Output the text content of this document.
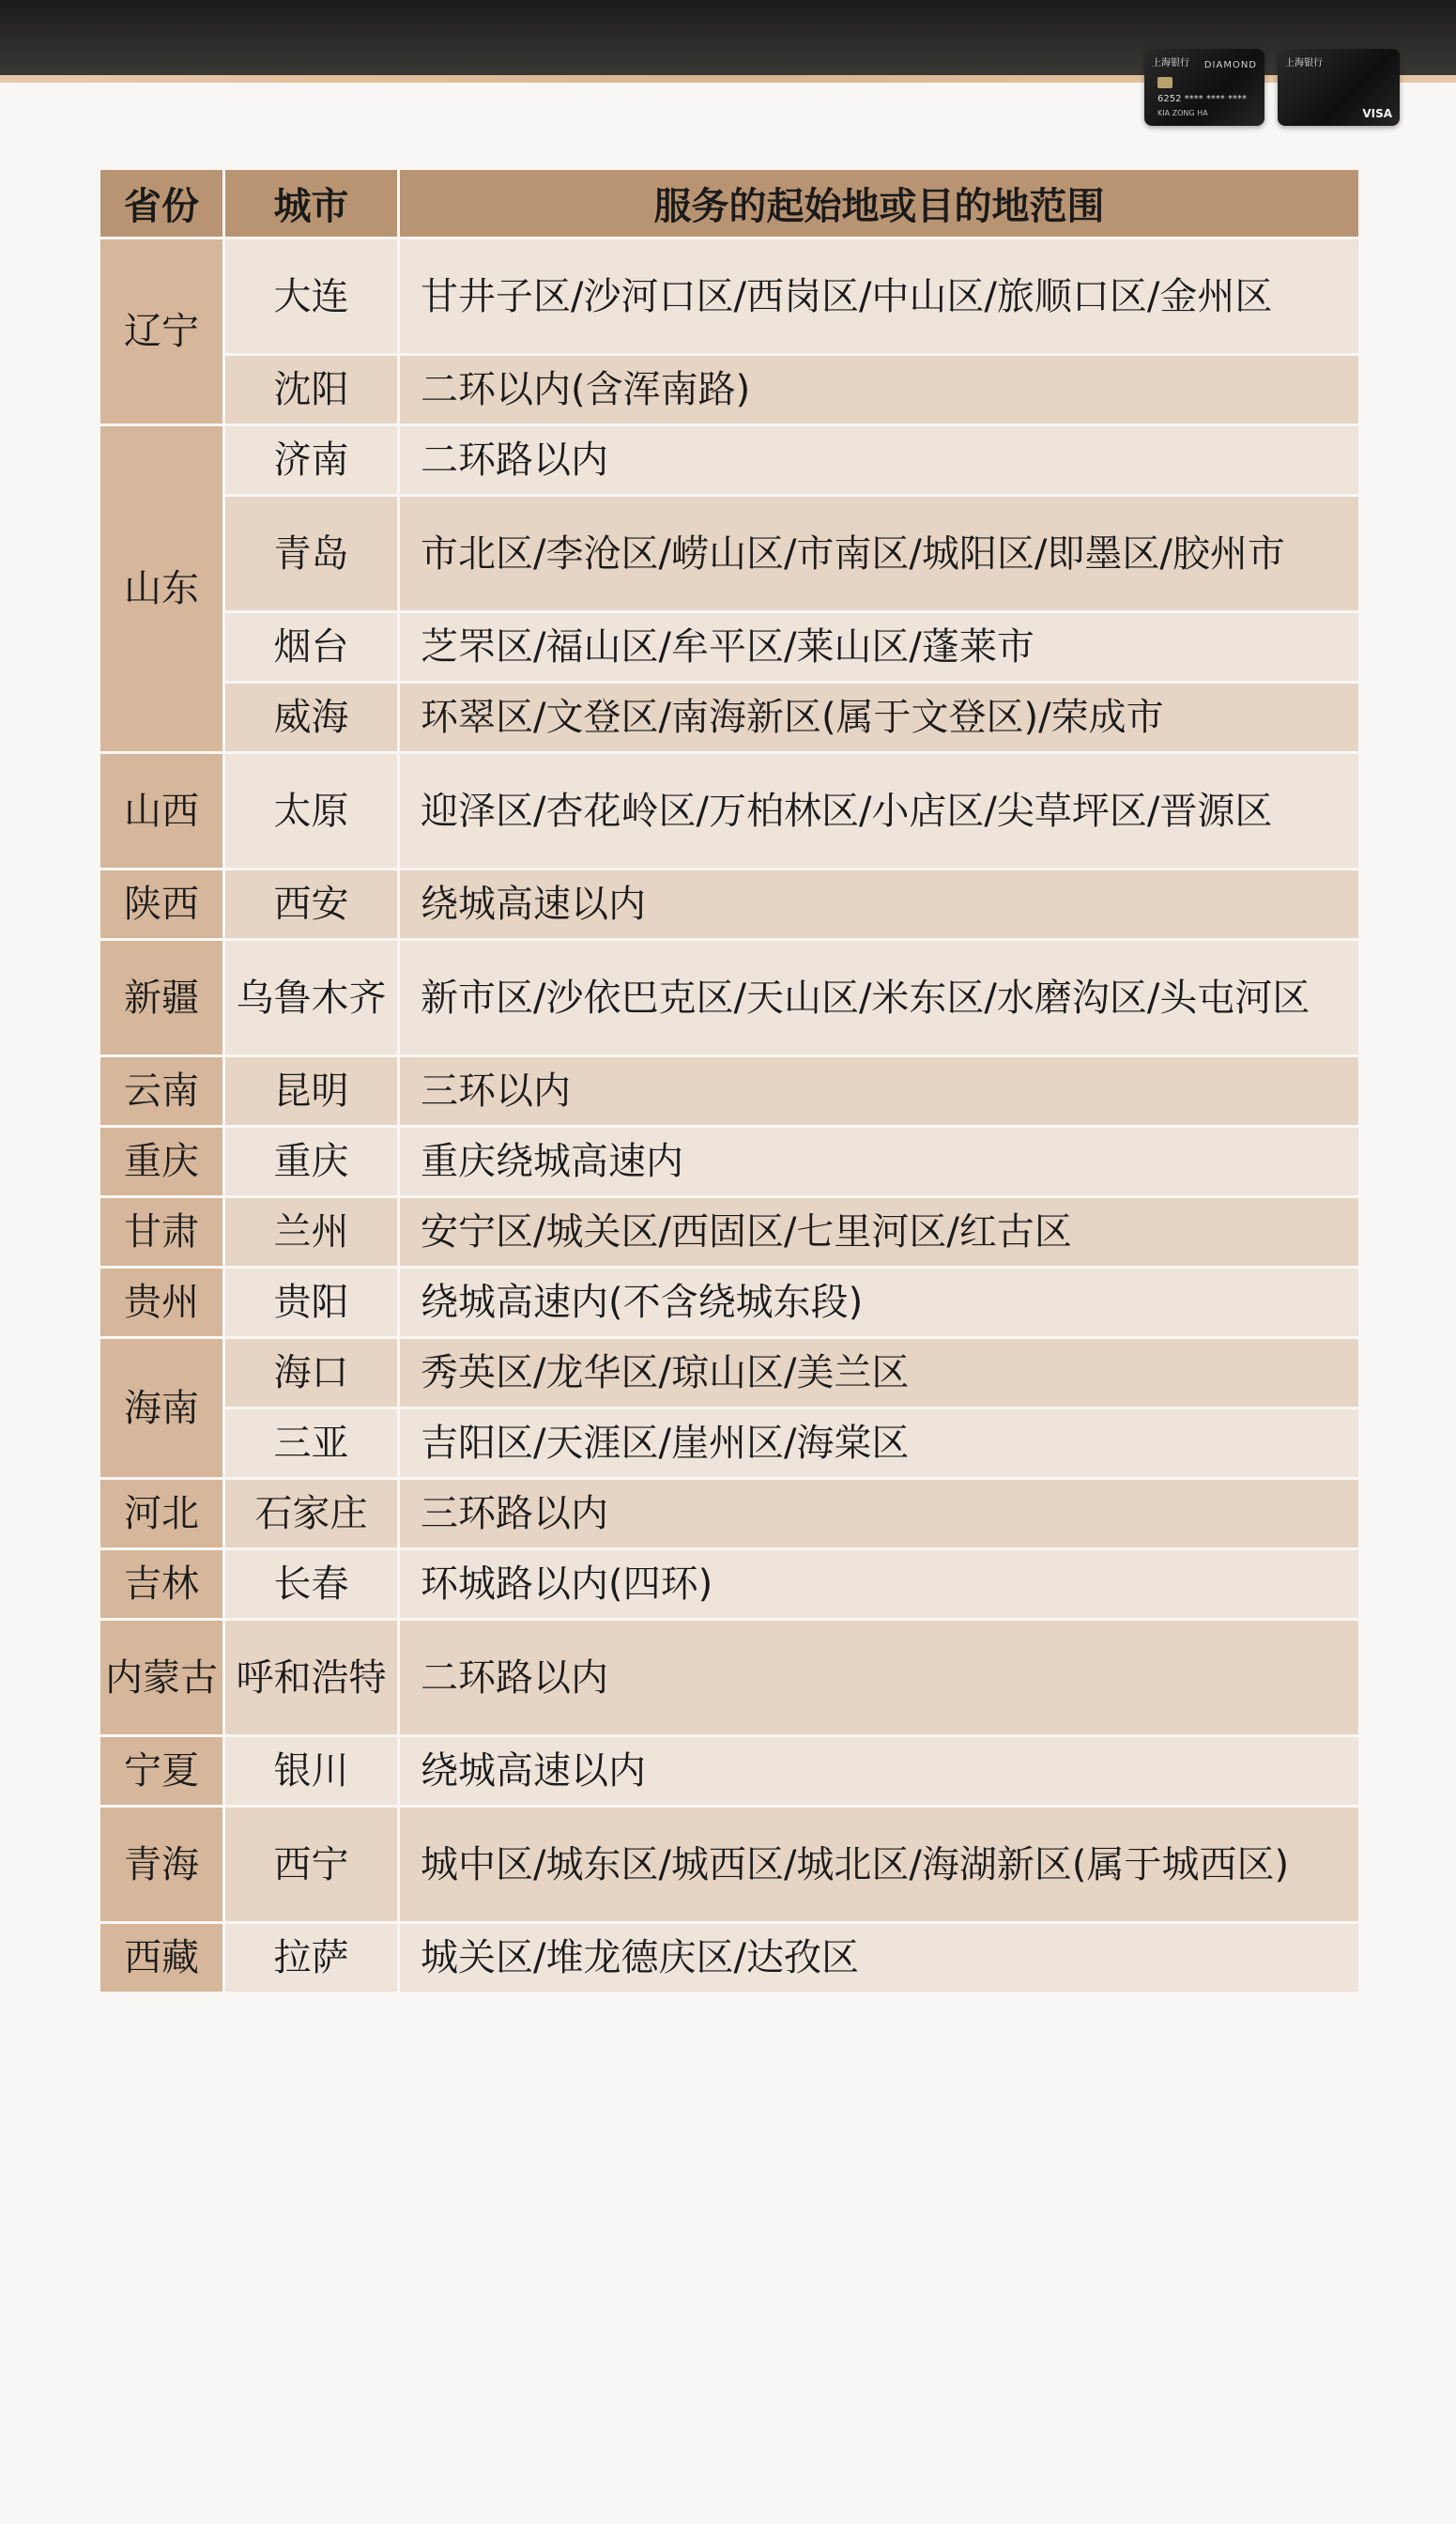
上海银行 DIAMOND
6252 **** **** ****
KIA ZONG HA
上海银行
VISA
省份	城市	服务的起始地或目的地范围
辽宁	大连	甘井子区/沙河口区/西岗区/中山区/旅顺口区/金州区
	沈阳	二环以内(含浑南路)
山东	济南	二环路以内
	青岛	市北区/李沧区/崂山区/市南区/城阳区/即墨区/胶州市
	烟台	芝罘区/福山区/牟平区/莱山区/蓬莱市
	威海	环翠区/文登区/南海新区(属于文登区)/荣成市
山西	太原	迎泽区/杏花岭区/万柏林区/小店区/尖草坪区/晋源区
陕西	西安	绕城高速以内
新疆	乌鲁木齐	新市区/沙依巴克区/天山区/米东区/水磨沟区/头屯河区
云南	昆明	三环以内
重庆	重庆	重庆绕城高速内
甘肃	兰州	安宁区/城关区/西固区/七里河区/红古区
贵州	贵阳	绕城高速内(不含绕城东段)
海南	海口	秀英区/龙华区/琼山区/美兰区
	三亚	吉阳区/天涯区/崖州区/海棠区
河北	石家庄	三环路以内
吉林	长春	环城路以内(四环)
内蒙古	呼和浩特	二环路以内
宁夏	银川	绕城高速以内
青海	西宁	城中区/城东区/城西区/城北区/海湖新区(属于城西区)
西藏	拉萨	城关区/堆龙德庆区/达孜区
